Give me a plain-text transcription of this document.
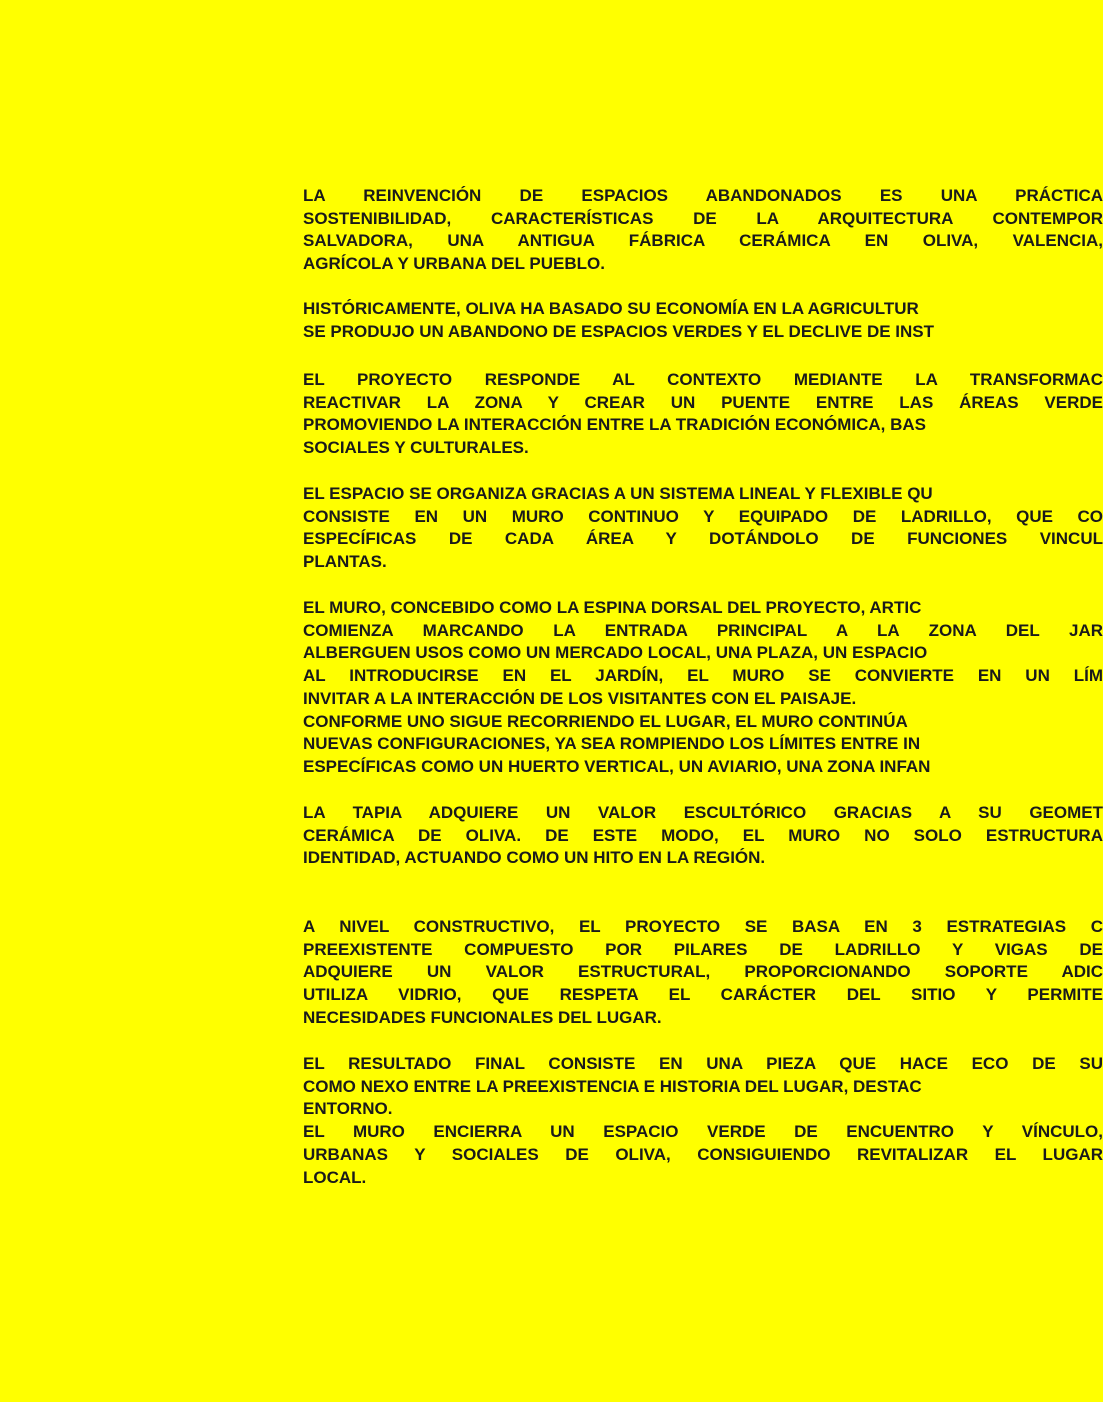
LA REINVENCIÓN DE ESPACIOS ABANDONADOS ES UNA PRÁCTICA
SOSTENIBILIDAD, CARACTERÍSTICAS DE LA ARQUITECTURA CONTEMPOR
SALVADORA, UNA ANTIGUA FÁBRICA CERÁMICA EN OLIVA, VALENCIA,
AGRÍCOLA Y URBANA DEL PUEBLO.
HISTÓRICAMENTE, OLIVA HA BASADO SU ECONOMÍA EN LA AGRICULTUR
SE PRODUJO UN ABANDONO DE ESPACIOS VERDES Y EL DECLIVE DE INST
EL PROYECTO RESPONDE AL CONTEXTO MEDIANTE LA TRANSFORMAC
REACTIVAR LA ZONA Y CREAR UN PUENTE ENTRE LAS ÁREAS VERDE
PROMOVIENDO LA INTERACCIÓN ENTRE LA TRADICIÓN ECONÓMICA, BAS
SOCIALES Y CULTURALES.
EL ESPACIO SE ORGANIZA GRACIAS A UN SISTEMA LINEAL Y FLEXIBLE QU
CONSISTE EN UN MURO CONTINUO Y EQUIPADO DE LADRILLO, QUE CO
ESPECÍFICAS DE CADA ÁREA Y DOTÁNDOLO DE FUNCIONES VINCUL
PLANTAS.
EL MURO, CONCEBIDO COMO LA ESPINA DORSAL DEL PROYECTO, ARTIC
COMIENZA MARCANDO LA ENTRADA PRINCIPAL A LA ZONA DEL JAR
ALBERGUEN USOS COMO UN MERCADO LOCAL, UNA PLAZA, UN ESPACIO
AL INTRODUCIRSE EN EL JARDÍN, EL MURO SE CONVIERTE EN UN LÍM
INVITAR A LA INTERACCIÓN DE LOS VISITANTES CON EL PAISAJE.
CONFORME UNO SIGUE RECORRIENDO EL LUGAR, EL MURO CONTINÚA
NUEVAS CONFIGURACIONES, YA SEA ROMPIENDO LOS LÍMITES ENTRE IN
ESPECÍFICAS COMO UN HUERTO VERTICAL, UN AVIARIO, UNA ZONA INFAN
LA TAPIA ADQUIERE UN VALOR ESCULTÓRICO GRACIAS A SU GEOMET
CERÁMICA DE OLIVA. DE ESTE MODO, EL MURO NO SOLO ESTRUCTURA
IDENTIDAD, ACTUANDO COMO UN HITO EN LA REGIÓN.
A NIVEL CONSTRUCTIVO, EL PROYECTO SE BASA EN 3 ESTRATEGIAS C
PREEXISTENTE COMPUESTO POR PILARES DE LADRILLO Y VIGAS DE
ADQUIERE UN VALOR ESTRUCTURAL, PROPORCIONANDO SOPORTE ADIC
UTILIZA VIDRIO, QUE RESPETA EL CARÁCTER DEL SITIO Y PERMITE
NECESIDADES FUNCIONALES DEL LUGAR.
EL RESULTADO FINAL CONSISTE EN UNA PIEZA QUE HACE ECO DE SU
COMO NEXO ENTRE LA PREEXISTENCIA E HISTORIA DEL LUGAR, DESTAC
ENTORNO.
EL MURO ENCIERRA UN ESPACIO VERDE DE ENCUENTRO Y VÍNCULO,
URBANAS Y SOCIALES DE OLIVA, CONSIGUIENDO REVITALIZAR EL LUGAR
LOCAL.
